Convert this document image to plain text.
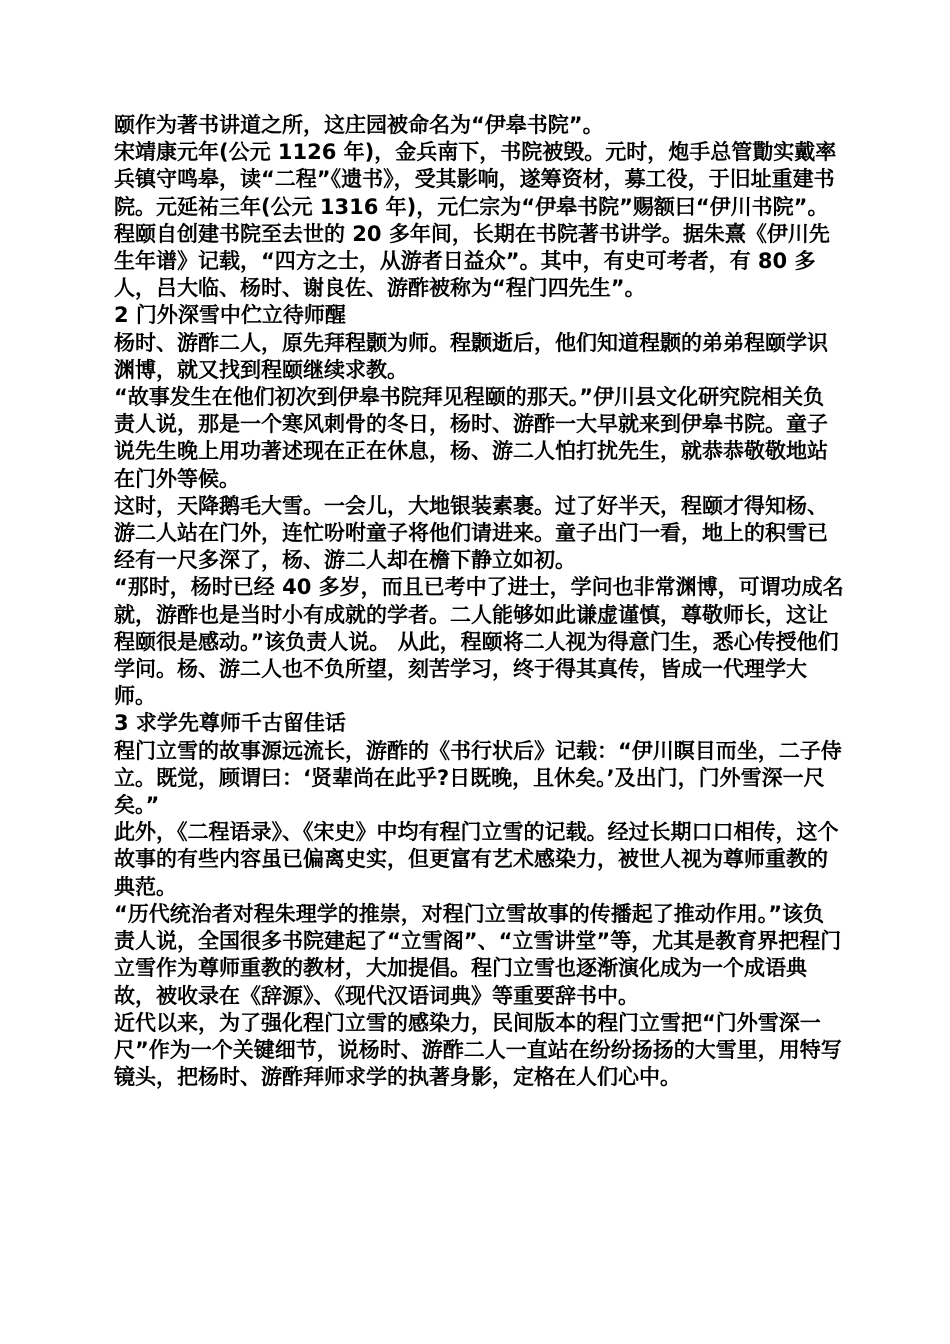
颐作为著书讲道之所，这庄园被命名为“伊皋书院”。

宋靖康元年(公元 1126 年)，金兵南下，书院被毁。元时，炮手总管勩实戴率兵镇守鸣皋，读“二程”《遗书》，受其影响，遂筹资材，募工役，于旧址重建书院。元延祐三年(公元 1316 年)，元仁宗为“伊皋书院”赐额曰“伊川书院”。

程颐自创建书院至去世的 20 多年间，长期在书院著书讲学。据朱熹《伊川先生年谱》记载，“四方之士，从游者日益众”。其中，有史可考者，有 80 多人，吕大临、杨时、谢良佐、游酢被称为“程门四先生”。

2 门外深雪中伫立待师醒

杨时、游酢二人，原先拜程颢为师。程颢逝后，他们知道程颢的弟弟程颐学识渊博，就又找到程颐继续求教。

“故事发生在他们初次到伊皋书院拜见程颐的那天。”伊川县文化研究院相关负责人说，那是一个寒风刺骨的冬日，杨时、游酢一大早就来到伊皋书院。童子说先生晚上用功著述现在正在休息，杨、游二人怕打扰先生，就恭恭敬敬地站在门外等候。

这时，天降鹅毛大雪。一会儿，大地银装素裹。过了好半天，程颐才得知杨、游二人站在门外，连忙吩咐童子将他们请进来。童子出门一看，地上的积雪已经有一尺多深了，杨、游二人却在檐下静立如初。

“那时，杨时已经 40 多岁，而且已考中了进士，学问也非常渊博，可谓功成名就，游酢也是当时小有成就的学者。二人能够如此谦虚谨慎，尊敬师长，这让程颐很是感动。”该负责人说。 从此，程颐将二人视为得意门生，悉心传授他们学问。杨、游二人也不负所望，刻苦学习，终于得其真传，皆成一代理学大师。

3 求学先尊师千古留佳话

程门立雪的故事源远流长，游酢的《书行状后》记载：“伊川瞑目而坐，二子侍立。既觉，顾谓曰：‘贤辈尚在此乎?日既晚，且休矣。’及出门，门外雪深一尺矣。”

此外，《二程语录》、《宋史》中均有程门立雪的记载。经过长期口口相传，这个故事的有些内容虽已偏离史实，但更富有艺术感染力，被世人视为尊师重教的典范。

“历代统治者对程朱理学的推崇，对程门立雪故事的传播起了推动作用。”该负责人说，全国很多书院建起了“立雪阁”、“立雪讲堂”等，尤其是教育界把程门立雪作为尊师重教的教材，大加提倡。程门立雪也逐渐演化成为一个成语典故，被收录在《辞源》、《现代汉语词典》等重要辞书中。

近代以来，为了强化程门立雪的感染力，民间版本的程门立雪把“门外雪深一尺”作为一个关键细节，说杨时、游酢二人一直站在纷纷扬扬的大雪里，用特写镜头，把杨时、游酢拜师求学的执著身影，定格在人们心中。
